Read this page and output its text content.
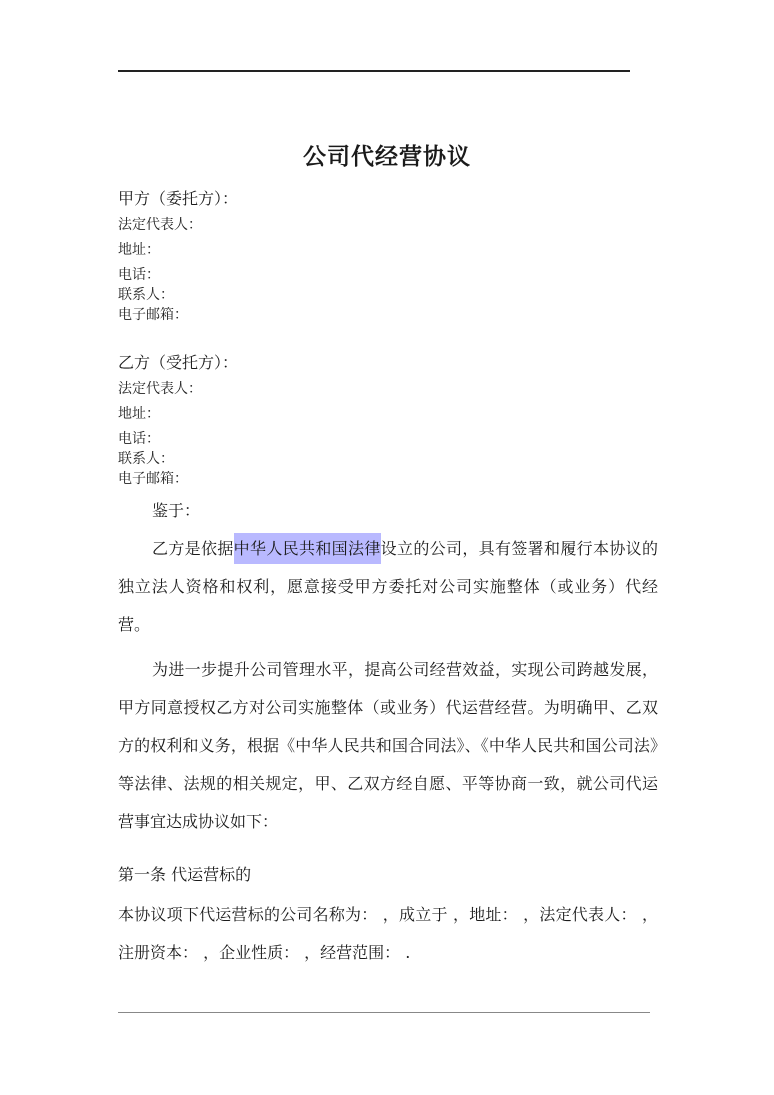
公司代经营协议
甲方（委托方）：
法定代表人：
地址：
电话：
联系人：
电子邮箱：
乙方（受托方）：
法定代表人：
地址：
电话：
联系人：
电子邮箱：
鉴于：

乙方是依据中华人民共和国法律设立的公司，具有签署和履行本协议的独立法人资格和权利，愿意接受甲方委托对公司实施整体（或业务）代经营。

为进一步提升公司管理水平，提高公司经营效益，实现公司跨越发展，甲方同意授权乙方对公司实施整体（或业务）代运营经营。为明确甲、乙双方的权利和义务，根据《中华人民共和国合同法》、《中华人民共和国公司法》等法律、法规的相关规定，甲、乙双方经自愿、平等协商一致，就公司代运营事宜达成协议如下：

第一条 代运营标的

本协议项下代运营标的公司名称为： ，成立于 ，地址： ，法定代表人： ，注册资本： ，企业性质： ，经营范围： .
